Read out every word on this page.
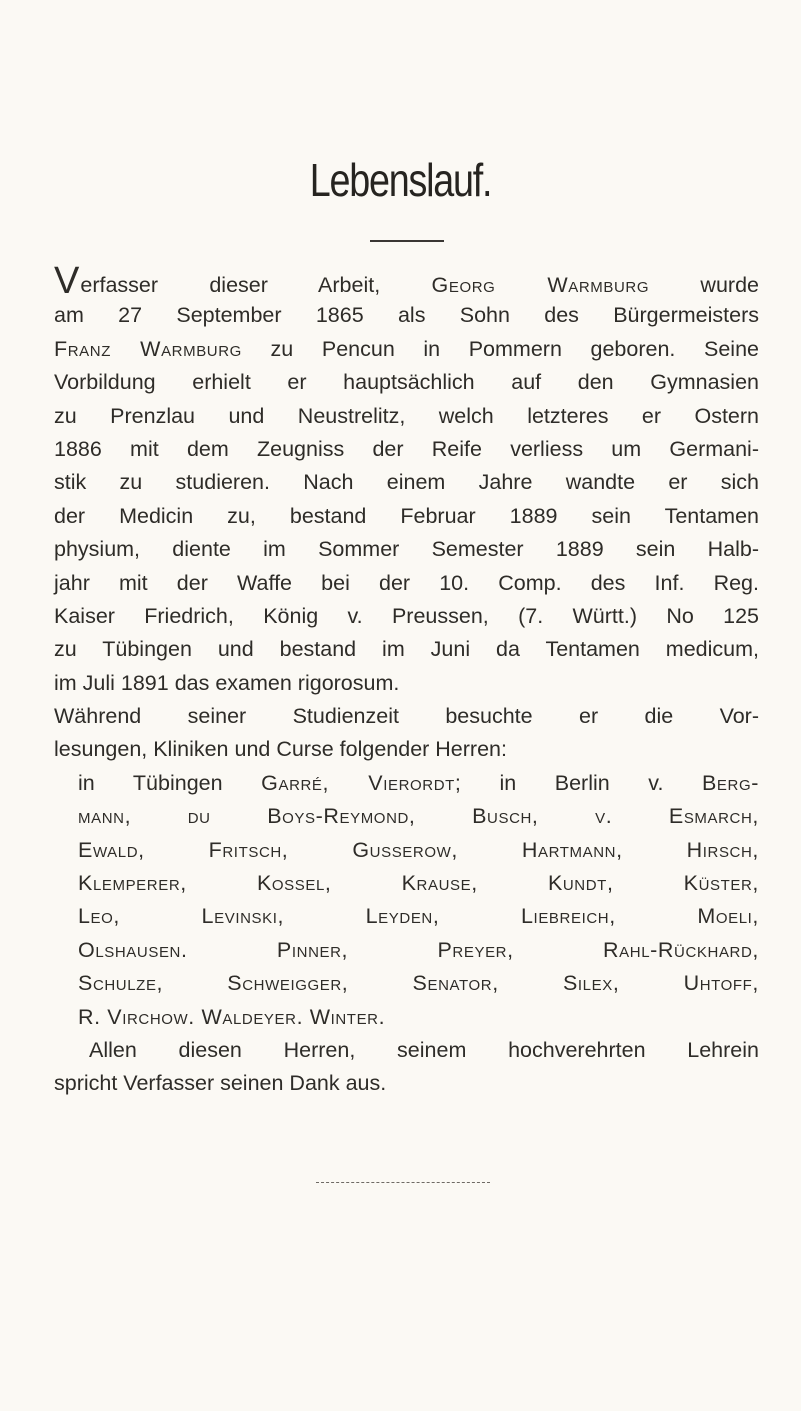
Lebenslauf.
Verfasser dieser Arbeit, Georg Warmburg wurde
am 27 September 1865 als Sohn des Bürgermeisters
Franz Warmburg zu Pencun in Pommern geboren. Seine
Vorbildung erhielt er hauptsächlich auf den Gymnasien
zu Prenzlau und Neustrelitz, welch letzteres er Ostern
1886 mit dem Zeugniss der Reife verliess um Germani-
stik zu studieren. Nach einem Jahre wandte er sich
der Medicin zu, bestand Februar 1889 sein Tentamen
physium, diente im Sommer Semester 1889 sein Halb-
jahr mit der Waffe bei der 10. Comp. des Inf. Reg.
Kaiser Friedrich, König v. Preussen, (7. Württ.) No 125
zu Tübingen und bestand im Juni da Tentamen medicum,
im Juli 1891 das examen rigorosum.
Während seiner Studienzeit besuchte er die Vor-
lesungen, Kliniken und Curse folgender Herren:
in Tübingen Garré, Vierordt; in Berlin v. Berg-
mann, du Boys-Reymond, Busch, v. Esmarch,
Ewald, Fritsch, Gusserow, Hartmann, Hirsch,
Klemperer, Kossel, Krause, Kundt, Küster,
Leo, Levinski, Leyden, Liebreich, Moeli,
Olshausen. Pinner, Preyer, Rahl-Rückhard,
Schulze, Schweigger, Senator, Silex, Uhtoff,
R. Virchow. Waldeyer. Winter.
Allen diesen Herren, seinem hochverehrten Lehrein
spricht Verfasser seinen Dank aus.
